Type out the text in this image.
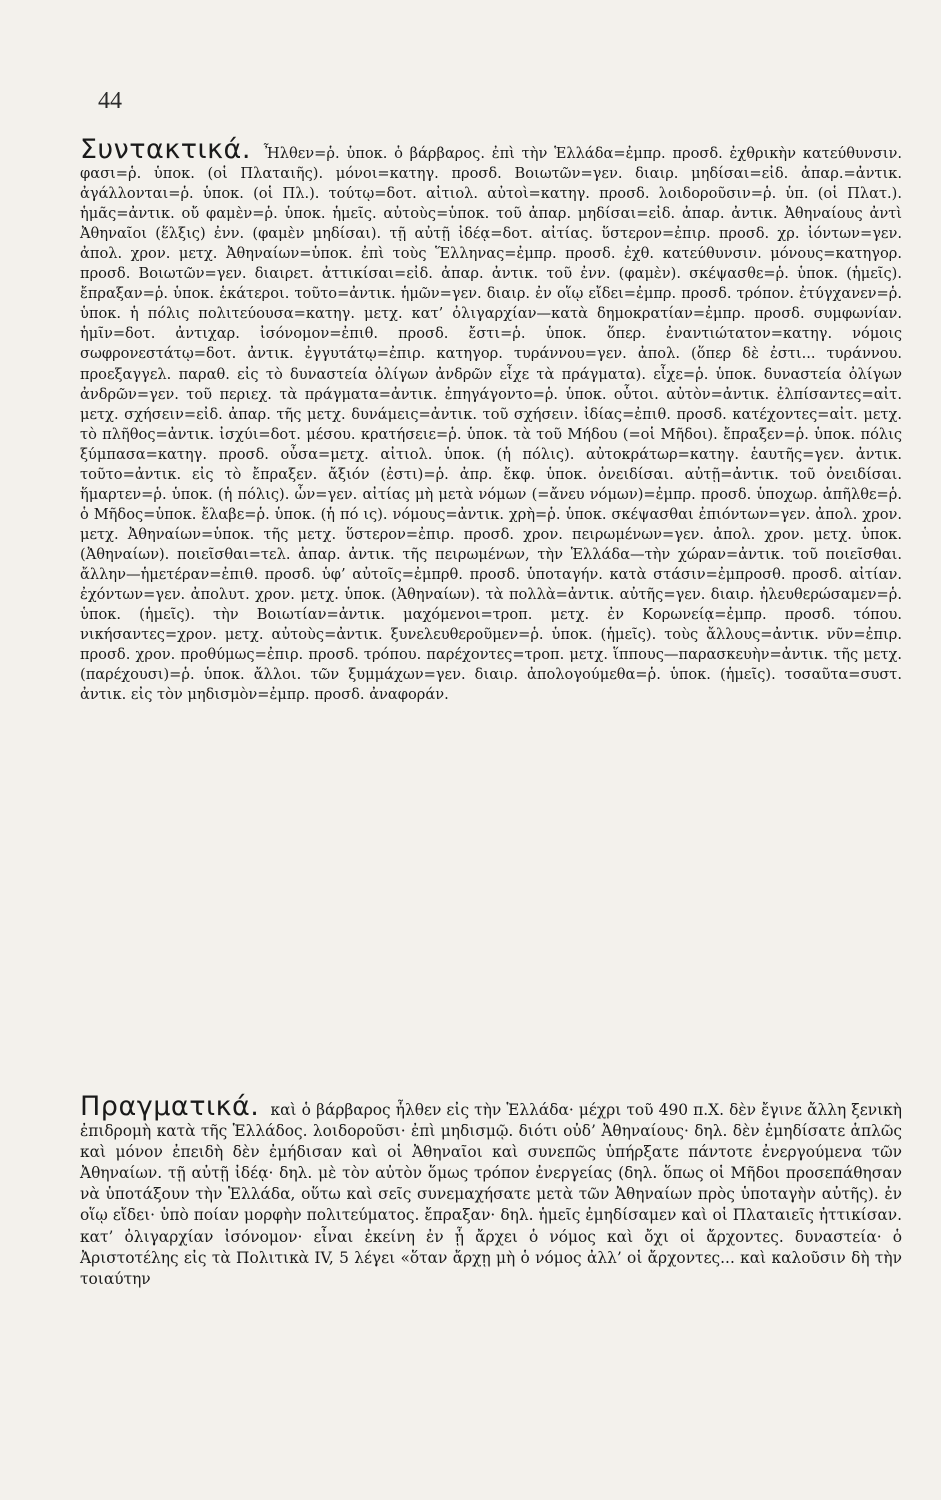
44
Συντακτικά. Ἦλθεν=ῥ. ὑποκ. ὁ βάρβαρος. ἐπὶ τὴν Ἑλλάδα=ἐμπρ. προσδ. ἐχθρικὴν κατεύθυνσιν. φασι=ῥ. ὑποκ. (οἱ Πλαταιῆς). μόνοι=κατηγ. προσδ. Βοιωτῶν=γεν. διαιρ. μηδίσαι=εἰδ. ἀπαρ.=ἀντικ. ἀγάλλονται=ῥ. ὑποκ. (οἱ Πλ.). τούτῳ=δοτ. αἰτιολ. αὐτοὶ=κατηγ. προσδ. λοιδοροῦσιν=ῥ. ὑπ. (οἱ Πλατ.). ἡμᾶς=ἀντικ. οὔ φαμὲν=ῥ. ὑποκ. ἡμεῖς. αὐτοὺς=ὑποκ. τοῦ ἀπαρ. μηδίσαι=εἰδ. ἀπαρ. ἀντικ. Ἀθηναίους ἀντὶ Ἀθηναῖοι (ἕλξις) ἐνν. (φαμὲν μηδίσαι). τῇ αὐτῇ ἰδέᾳ=δοτ. αἰτίας. ὕστερον=ἐπιρ. προσδ. χρ. ἰόντων=γεν. ἀπολ. χρον. μετχ. Ἀθηναίων=ὑποκ. ἐπὶ τοὺς Ἕλληνας=ἐμπρ. προσδ. ἐχθ. κατεύθυνσιν. μόνους=κατηγορ. προσδ. Βοιωτῶν=γεν. διαιρετ. ἀττικίσαι=εἰδ. ἀπαρ. ἀντικ. τοῦ ἐνν. (φαμὲν). σκέψασθε=ῥ. ὑποκ. (ἡμεῖς). ἔπραξαν=ῥ. ὑποκ. ἑκάτεροι. τοῦτο=ἀντικ. ἡμῶν=γεν. διαιρ. ἐν οἵῳ εἴδει=ἐμπρ. προσδ. τρόπον. ἐτύγχανεν=ῥ. ὑποκ. ἡ πόλις πολιτεύουσα=κατηγ. μετχ. κατ’ ὀλιγαρχίαν—κατὰ δημοκρατίαν=ἐμπρ. προσδ. συμφωνίαν. ἡμῖν=δοτ. ἀντιχαρ. ἰσόνομον=ἐπιθ. προσδ. ἔστι=ῥ. ὑποκ. ὅπερ. ἐναντιώτατον=κατηγ. νόμοις σωφρονεστάτῳ=δοτ. ἀντικ. ἐγγυτάτῳ=ἐπιρ. κατηγορ. τυράννου=γεν. ἀπολ. (ὅπερ δὲ ἐστι... τυράννου. προεξαγγελ. παραθ. εἰς τὸ δυναστεία ὀλίγων ἀνδρῶν εἶχε τὰ πράγματα). εἶχε=ῥ. ὑποκ. δυναστεία ὀλίγων ἀνδρῶν=γεν. τοῦ περιεχ. τὰ πράγματα=ἀντικ. ἐπηγάγοντο=ῥ. ὑποκ. οὗτοι. αὐτὸν=ἀντικ. ἐλπίσαντες=αἰτ. μετχ. σχήσειν=εἰδ. ἀπαρ. τῆς μετχ. δυνάμεις=ἀντικ. τοῦ σχήσειν. ἰδίας=ἐπιθ. προσδ. κατέχοντες=αἰτ. μετχ. τὸ πλῆθος=ἀντικ. ἰσχύι=δοτ. μέσου. κρατήσειε=ῥ. ὑποκ. τὰ τοῦ Μήδου (=οἱ Μῆδοι). ἔπραξεν=ῥ. ὑποκ. πόλις ξύμπασα=κατηγ. προσδ. οὖσα=μετχ. αἰτιολ. ὑποκ. (ἡ πόλις). αὐτοκράτωρ=κατηγ. ἑαυτῆς=γεν. ἀντικ. τοῦτο=ἀντικ. εἰς τὸ ἔπραξεν. ἄξιόν (ἐστι)=ῥ. ἀπρ. ἔκφ. ὑποκ. ὀνειδίσαι. αὐτῇ=ἀντικ. τοῦ ὀνειδίσαι. ἥμαρτεν=ῥ. ὑποκ. (ἡ πόλις). ὧν=γεν. αἰτίας μὴ μετὰ νόμων (=ἄνευ νόμων)=ἐμπρ. προσδ. ὑποχωρ. ἀπῆλθε=ῥ. ὁ Μῆδος=ὑποκ. ἔλαβε=ῥ. ὑποκ. (ἡ πό ις). νόμους=ἀντικ. χρὴ=ῥ. ὑποκ. σκέψασθαι ἐπιόντων=γεν. ἀπολ. χρον. μετχ. Ἀθηναίων=ὑποκ. τῆς μετχ. ὕστερον=ἐπιρ. προσδ. χρον. πειρωμένων=γεν. ἀπολ. χρον. μετχ. ὑποκ. (Ἀθηναίων). ποιεῖσθαι=τελ. ἀπαρ. ἀντικ. τῆς πειρωμένων, τὴν Ἑλλάδα—τὴν χώραν=ἀντικ. τοῦ ποιεῖσθαι. ἄλλην—ἡμετέραν=ἐπιθ. προσδ. ὑφ’ αὐτοῖς=ἐμπρθ. προσδ. ὑποταγήν. κατὰ στάσιν=ἐμπροσθ. προσδ. αἰτίαν. ἐχόντων=γεν. ἀπολυτ. χρον. μετχ. ὑποκ. (Ἀθηναίων). τὰ πολλὰ=ἀντικ. αὐτῆς=γεν. διαιρ. ἠλευθερώσαμεν=ῥ. ὑποκ. (ἡμεῖς). τὴν Βοιωτίαν=ἀντικ. μαχόμενοι=τροπ. μετχ. ἐν Κορωνείᾳ=ἐμπρ. προσδ. τόπου. νικήσαντες=χρον. μετχ. αὐτοὺς=ἀντικ. ξυνελευθεροῦμεν=ῥ. ὑποκ. (ἡμεῖς). τοὺς ἄλλους=ἀντικ. νῦν=ἐπιρ. προσδ. χρον. προθύμως=ἐπιρ. προσδ. τρόπου. παρέχοντες=τροπ. μετχ. ἵππους—παρασκευὴν=ἀντικ. τῆς μετχ. (παρέχουσι)=ῥ. ὑποκ. ἄλλοι. τῶν ξυμμάχων=γεν. διαιρ. ἀπολογούμεθα=ῥ. ὑποκ. (ἡμεῖς). τοσαῦτα=συστ. ἀντικ. εἰς τὸν μηδισμὸν=ἐμπρ. προσδ. ἀναφοράν.
Πραγματικά. καὶ ὁ βάρβαρος ἦλθεν εἰς τὴν Ἑλλάδα· μέχρι τοῦ 490 π.Χ. δὲν ἔγινε ἄλλη ξενικὴ ἐπιδρομὴ κατὰ τῆς Ἑλλάδος. λοιδοροῦσι· ἐπὶ μηδισμῷ. διότι οὐδ’ Ἀθηναίους· δηλ. δὲν ἐμηδίσατε ἁπλῶς καὶ μόνον ἐπειδὴ δὲν ἐμήδισαν καὶ οἱ Ἀθηναῖοι καὶ συνεπῶς ὑπήρξατε πάντοτε ἐνεργούμενα τῶν Ἀθηναίων. τῇ αὐτῇ ἰδέᾳ· δηλ. μὲ τὸν αὐτὸν ὅμως τρόπον ἐνεργείας (δηλ. ὅπως οἱ Μῆδοι προσεπάθησαν νὰ ὑποτάξουν τὴν Ἑλλάδα, οὕτω καὶ σεῖς συνεμαχήσατε μετὰ τῶν Ἀθηναίων πρὸς ὑποταγὴν αὐτῆς). ἐν οἵῳ εἴδει· ὑπὸ ποίαν μορφὴν πολιτεύματος. ἔπραξαν· δηλ. ἡμεῖς ἐμηδίσαμεν καὶ οἱ Πλαταιεῖς ἠττικίσαν. κατ’ ὀλιγαρχίαν ἰσόνομον· εἶναι ἐκείνη ἐν ᾗ ἄρχει ὁ νόμος καὶ ὄχι οἱ ἄρχοντες. δυναστεία· ὁ Ἀριστοτέλης εἰς τὰ Πολιτικὰ IV, 5 λέγει «ὅταν ἄρχῃ μὴ ὁ νόμος ἀλλ’ οἱ ἄρχοντες... καὶ καλοῦσιν δὴ τὴν τοιαύτην
